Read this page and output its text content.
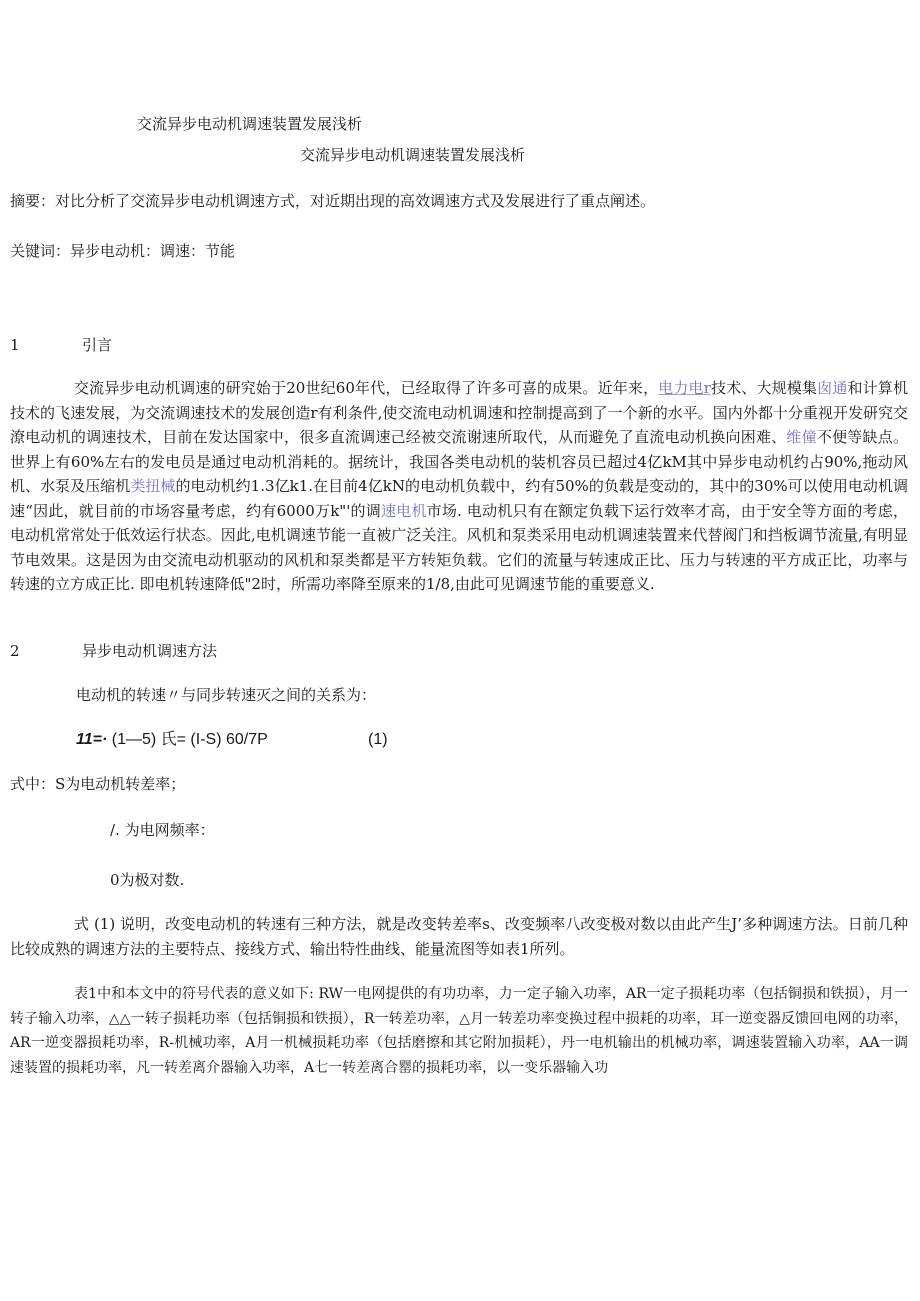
交流异步电动机调速装置发展浅析
交流异步电动机调速装置发展浅析
摘要：对比分析了交流异步电动机调速方式，对近期出现的高效调速方式及发展进行了重点阐述。
关键词：异步电动机：调速：节能
1	引言
交流异步电动机调速的研究始于20世纪60年代，已经取得了许多可喜的成果。近年来，电力电r技术、大规模集囱通和计算机技术的飞速发展，为交流调速技术的发展创造r有利条件,使交流电动机调速和控制提高到了一个新的水平。国内外都十分重视开发研究交潦电动机的调速技术，目前在发达国家中，很多直流调速己经被交流谢速所取代，从而避免了直流电动机换向困难、维僮不便等缺点。世界上有60%左右的发电员是通过电动机消耗的。据统计，我国各类电动机的装机容员已超过4亿kM其中异步电动机约占90%,拖动风机、水泵及压缩机类扭械的电动机约1.3亿k1.在目前4亿kN的电动机负载中，约有50%的负载是变动的，其中的30%可以使用电动机调速“因此，就目前的市场容量考虑，约有6000万k"'的调速电机市场. 电动机只有在额定负载下运行效率才高，由于安全等方面的考虑，电动机常常处于低效运行状态。因此,电机调速节能一直被广泛关注。风机和泵类采用电动机调速装置来代替阀门和挡板调节流量,有明显节电效果。这是因为由交流电动机驱动的风机和泵类都是平方转矩负载。它们的流量与转速成正比、压力与转速的平方成正比，功率与转速的立方成正比. 即电机转速降低"2时，所需功率降至原来的1/8,由此可见调速节能的重要意义.
2	异步电动机调速方法
电动机的转速〃与同步转速灭之间的关系为：
11=· (1—5) 氏= (I-S) 60/7P	(1)
式中：S为电动机转差率；
/. 为电网频率：
0为极对数.
式 (1) 说明，改变电动机的转速有三种方法，就是改变转差率s、改变频率八改变极对数以由此产生J’多种调速方法。日前几种比较成熟的调速方法的主要特点、接线方式、输出特性曲线、能量流图等如表1所列。
表1中和本文中的符号代表的意义如下: RW一电网提供的有功功率，力一定子输入功率，AR一定子损耗功率（包括铜损和铁损），月一转子输入功率，△△一转子损耗功率（包括铜损和铁损），R一转差功率，△月一转差功率变换过程中损耗的功率，耳一逆变器反馈回电网的功率，AR一逆变器损耗功率，R-机械功率，A月一机械损耗功率（包括磨擦和其它附加损耗），丹一电机输出的机械功率，调速装置输入功率，AA一调速装置的损耗功率，凡一转差离介器输入功率，A七一转差离合罂的损耗功率，以一变乐器输入功
